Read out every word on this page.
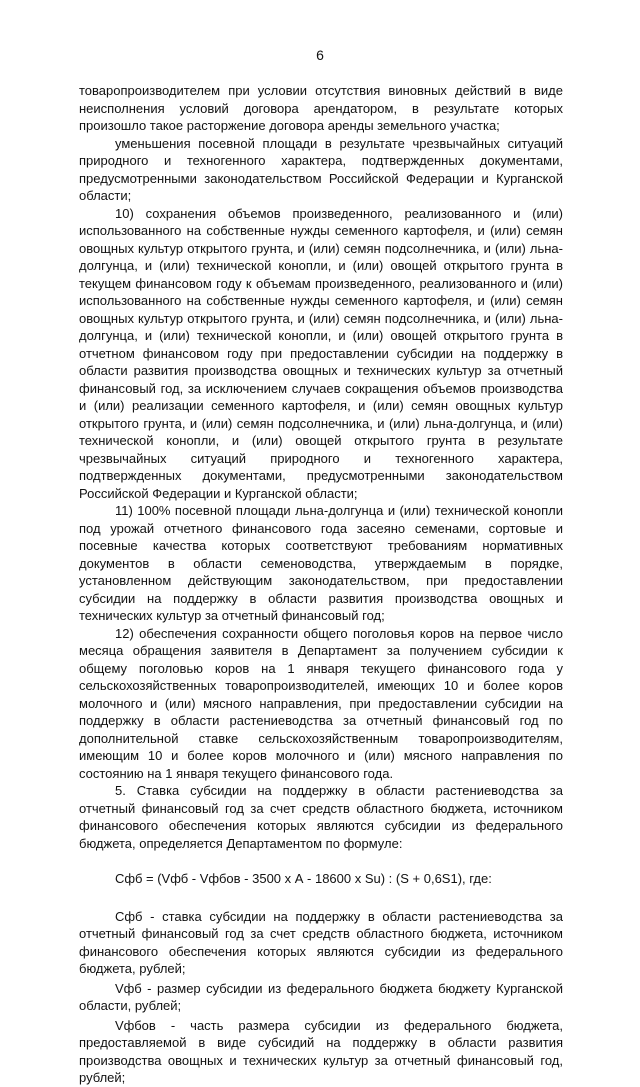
6

товаропроизводителем при условии отсутствия виновных действий в виде неисполнения условий договора арендатором, в результате которых произошло такое расторжение договора аренды земельного участка;

уменьшения посевной площади в результате чрезвычайных ситуаций природного и техногенного характера, подтвержденных документами, предусмотренными законодательством Российской Федерации и Курганской области;

10) сохранения объемов произведенного, реализованного и (или) использованного на собственные нужды семенного картофеля, и (или) семян овощных культур открытого грунта, и (или) семян подсолнечника, и (или) льна-долгунца, и (или) технической конопли, и (или) овощей открытого грунта в текущем финансовом году к объемам произведенного, реализованного и (или) использованного на собственные нужды семенного картофеля, и (или) семян овощных культур открытого грунта, и (или) семян подсолнечника, и (или) льна-долгунца, и (или) технической конопли, и (или) овощей открытого грунта в отчетном финансовом году при предоставлении субсидии на поддержку в области развития производства овощных и технических культур за отчетный финансовый год, за исключением случаев сокращения объемов производства и (или) реализации семенного картофеля, и (или) семян овощных культур открытого грунта, и (или) семян подсолнечника, и (или) льна-долгунца, и (или) технической конопли, и (или) овощей открытого грунта в результате чрезвычайных ситуаций природного и техногенного характера, подтвержденных документами, предусмотренными законодательством Российской Федерации и Курганской области;

11) 100% посевной площади льна-долгунца и (или) технической конопли под урожай отчетного финансового года засеяно семенами, сортовые и посевные качества которых соответствуют требованиям нормативных документов в области семеноводства, утверждаемым в порядке, установленном действующим законодательством, при предоставлении субсидии на поддержку в области развития производства овощных и технических культур за отчетный финансовый год;

12) обеспечения сохранности общего поголовья коров на первое число месяца обращения заявителя в Департамент за получением субсидии к общему поголовью коров на 1 января текущего финансового года у сельскохозяйственных товаропроизводителей, имеющих 10 и более коров молочного и (или) мясного направления, при предоставлении субсидии на поддержку в области растениеводства за отчетный финансовый год по дополнительной ставке сельскохозяйственным товаропроизводителям, имеющим 10 и более коров молочного и (или) мясного направления по состоянию на 1 января текущего финансового года.

5. Ставка субсидии на поддержку в области растениеводства за отчетный финансовый год за счет средств областного бюджета, источником финансового обеспечения которых являются субсидии из федерального бюджета, определяется Департаментом по формуле:

Сфб = (Vфб - Vфбов - 3500 х А - 18600 х Su) : (S + 0,6S1), где:

Сфб - ставка субсидии на поддержку в области растениеводства за отчетный финансовый год за счет средств областного бюджета, источником финансового обеспечения которых являются субсидии из федерального бюджета, рублей;

Vфб - размер субсидии из федерального бюджета бюджету Курганской области, рублей;

Vфбов - часть размера субсидии из федерального бюджета, предоставляемой в виде субсидий на поддержку в области развития производства овощных и технических культур за отчетный финансовый год, рублей;
